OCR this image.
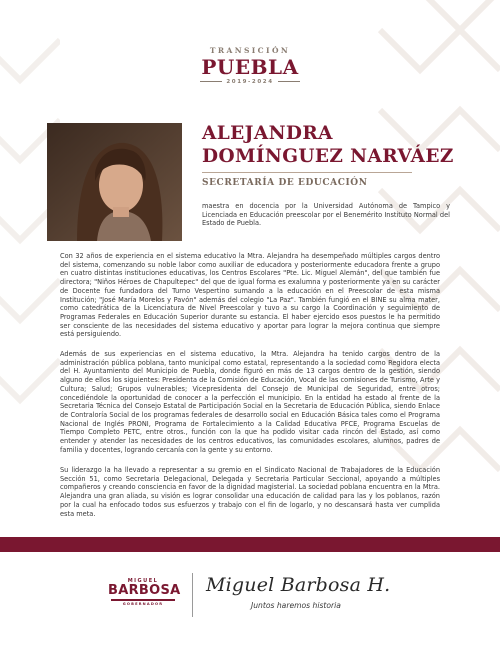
TRANSICIÓN
PUEBLA
2019-2024
ALEJANDRA
DOMÍNGUEZ NARVÁEZ
SECRETARÍA DE EDUCACIÓN
maestra en docencia por la Universidad Autónoma de Tampico y Licenciada en Educación preescolar por el Benemérito Instituto Normal del Estado de Puebla.
Con 32 años de experiencia en el sistema educativo la Mtra. Alejandra ha desempeñado múltiples cargos dentro del sistema, comenzando su noble labor como auxiliar de educadora y posteriormente educadora frente a grupo en cuatro distintas instituciones educativas, los Centros Escolares "Pte. Lic. Miguel Alemán", del que también fue directora; "Niños Héroes de Chapultepec" del que de igual forma es exalumna y posteriormente ya en su carácter de Docente fue fundadora del Turno Vespertino sumando a la educación en el Preescolar de esta misma Institución; "José María Morelos y Pavón" además del colegio "La Paz". También fungió en el BINE su alma mater, como catedrática de la Licenciatura de Nivel Preescolar y tuvo a su cargo la Coordinación y seguimiento de Programas Federales en Educación Superior durante su estancia. El haber ejercido esos puestos le ha permitido ser consciente de las necesidades del sistema educativo y aportar para lograr la mejora continua que siempre está persiguiendo.
Además de sus experiencias en el sistema educativo, la Mtra. Alejandra ha tenido cargos dentro de la administración pública poblana, tanto municipal como estatal, representando a la sociedad como Regidora electa del H. Ayuntamiento del Municipio de Puebla, donde figuró en más de 13 cargos dentro de la gestión, siendo alguno de ellos los siguientes: Presidenta de la Comisión de Educación, Vocal de las comisiones de Turismo, Arte y Cultura; Salud; Grupos vulnerables; Vicepresidenta del Consejo de Municipal de Seguridad, entre otros; concediéndole la oportunidad de conocer a la perfección el municipio. En la entidad ha estado al frente de la Secretaria Técnica del Consejo Estatal de Participación Social en la Secretaria de Educación Pública, siendo Enlace de Contraloría Social de los programas federales de desarrollo social en Educación Básica tales como el Programa Nacional de Inglés PRONI, Programa de Fortalecimiento a la Calidad Educativa PFCE, Programa Escuelas de Tiempo Completo PETC, entre otros., función con la que ha podido visitar cada rincón del Estado, así como entender y atender las necesidades de los centros educativos, las comunidades escolares, alumnos, padres de familia y docentes, logrando cercanía con la gente y su entorno.
Su liderazgo la ha llevado a representar a su gremio en el Sindicato Nacional de Trabajadores de la Educación Sección 51, como Secretaria Delegacional, Delegada y Secretaria Particular Seccional, apoyando a múltiples compañeros y creando consciencia en favor de la dignidad magisterial. La sociedad poblana encuentra en la Mtra. Alejandra una gran aliada, su visión es lograr consolidar una educación de calidad para las y los poblanos, razón por la cual ha enfocado todos sus esfuerzos y trabajo con el fin de logarlo, y no descansará hasta ver cumplida esta meta.
MIGUEL
BARBOSA
GOBERNADOR
Miguel Barbosa H.
Juntos haremos historia
